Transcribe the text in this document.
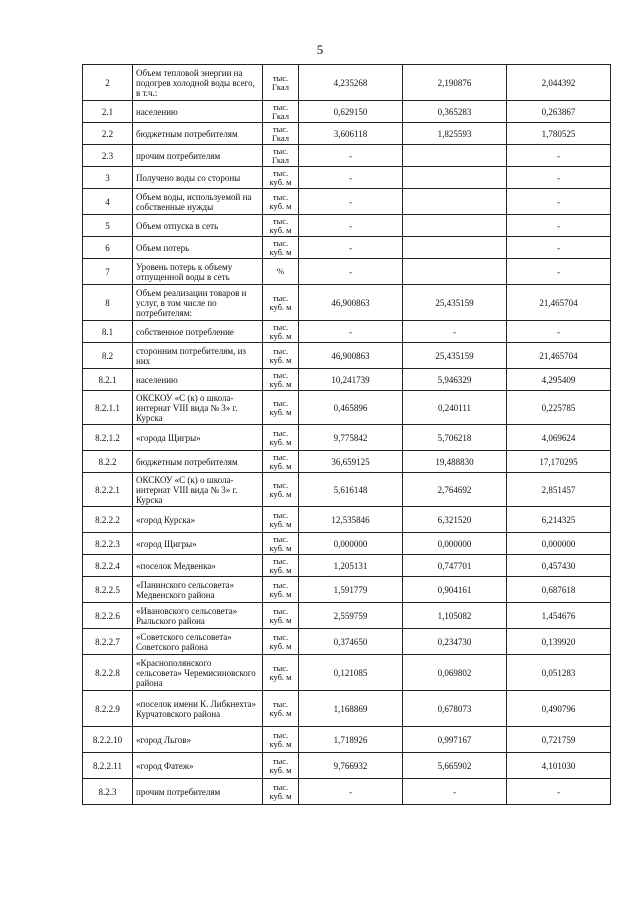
5
2	Объем тепловой энергии на подогрев холодной воды всего, в т.ч.:	тыс. Гкал	4,235268	2,190876	2,044392
2.1	населению	тыс. Гкал	0,629150	0,365283	0,263867
2.2	бюджетным потребителям	тыс. Гкал	3,606118	1,825593	1,780525
2.3	прочим потребителям	тыс. Гкал	-		-
3	Получено воды со стороны	тыс. куб. м	-		-
4	Объем воды, используемой на собственные нужды	тыс. куб. м	-		-
5	Объем отпуска в сеть	тыс. куб. м	-		-
6	Объем потерь	тыс. куб. м	-		-
7	Уровень потерь к объему отпущенной воды в сеть	%	-		-
8	Объем реализации товаров и услуг, в том числе по потребителям:	тыс. куб. м	46,900863	25,435159	21,465704
8.1	собственное потребление	тыс. куб. м	-	-	-
8.2	сторонним потребителям, из них	тыс. куб. м	46,900863	25,435159	21,465704
8.2.1	населению	тыс. куб. м	10,241739	5,946329	4,295409
8.2.1.1	ОКСКОУ «С (к) о школа-интернат VIII вида № 3» г. Курска	тыс. куб. м	0,465896	0,240111	0,225785
8.2.1.2	«города Щигры»	тыс. куб. м	9,775842	5,706218	4,069624
8.2.2	бюджетным потребителям	тыс. куб. м	36,659125	19,488830	17,170295
8.2.2.1	ОКСКОУ «С (к) о школа-интернат VIII вида № 3» г. Курска	тыс. куб. м	5,616148	2,764692	2,851457
8.2.2.2	«город Курска»	тыс. куб. м	12,535846	6,321520	6,214325
8.2.2.3	«город Щигры»	тыс. куб. м	0,000000	0,000000	0,000000
8.2.2.4	«поселок Медвенка»	тыс. куб. м	1,205131	0,747701	0,457430
8.2.2.5	«Панинского сельсовета» Медвенского района	тыс. куб. м	1,591779	0,904161	0,687618
8.2.2.6	«Ивановского сельсовета» Рыльского района	тыс. куб. м	2,559759	1,105082	1,454676
8.2.2.7	«Советского сельсовета» Советского района	тыс. куб. м	0,374650	0,234730	0,139920
8.2.2.8	«Краснополянского сельсовета» Черемисиновского района	тыс. куб. м	0,121085	0,069802	0,051283
8.2.2.9	«поселок имени К. Либкнехта» Курчатовского района	тыс. куб. м	1,168869	0,678073	0,490796
8.2.2.10	«город Льгов»	тыс. куб. м	1,718926	0,997167	0,721759
8.2.2.11	«город Фатеж»	тыс. куб. м	9,766932	5,665902	4,101030
8.2.3	прочим потребителям	тыс. куб. м	-	-	-
